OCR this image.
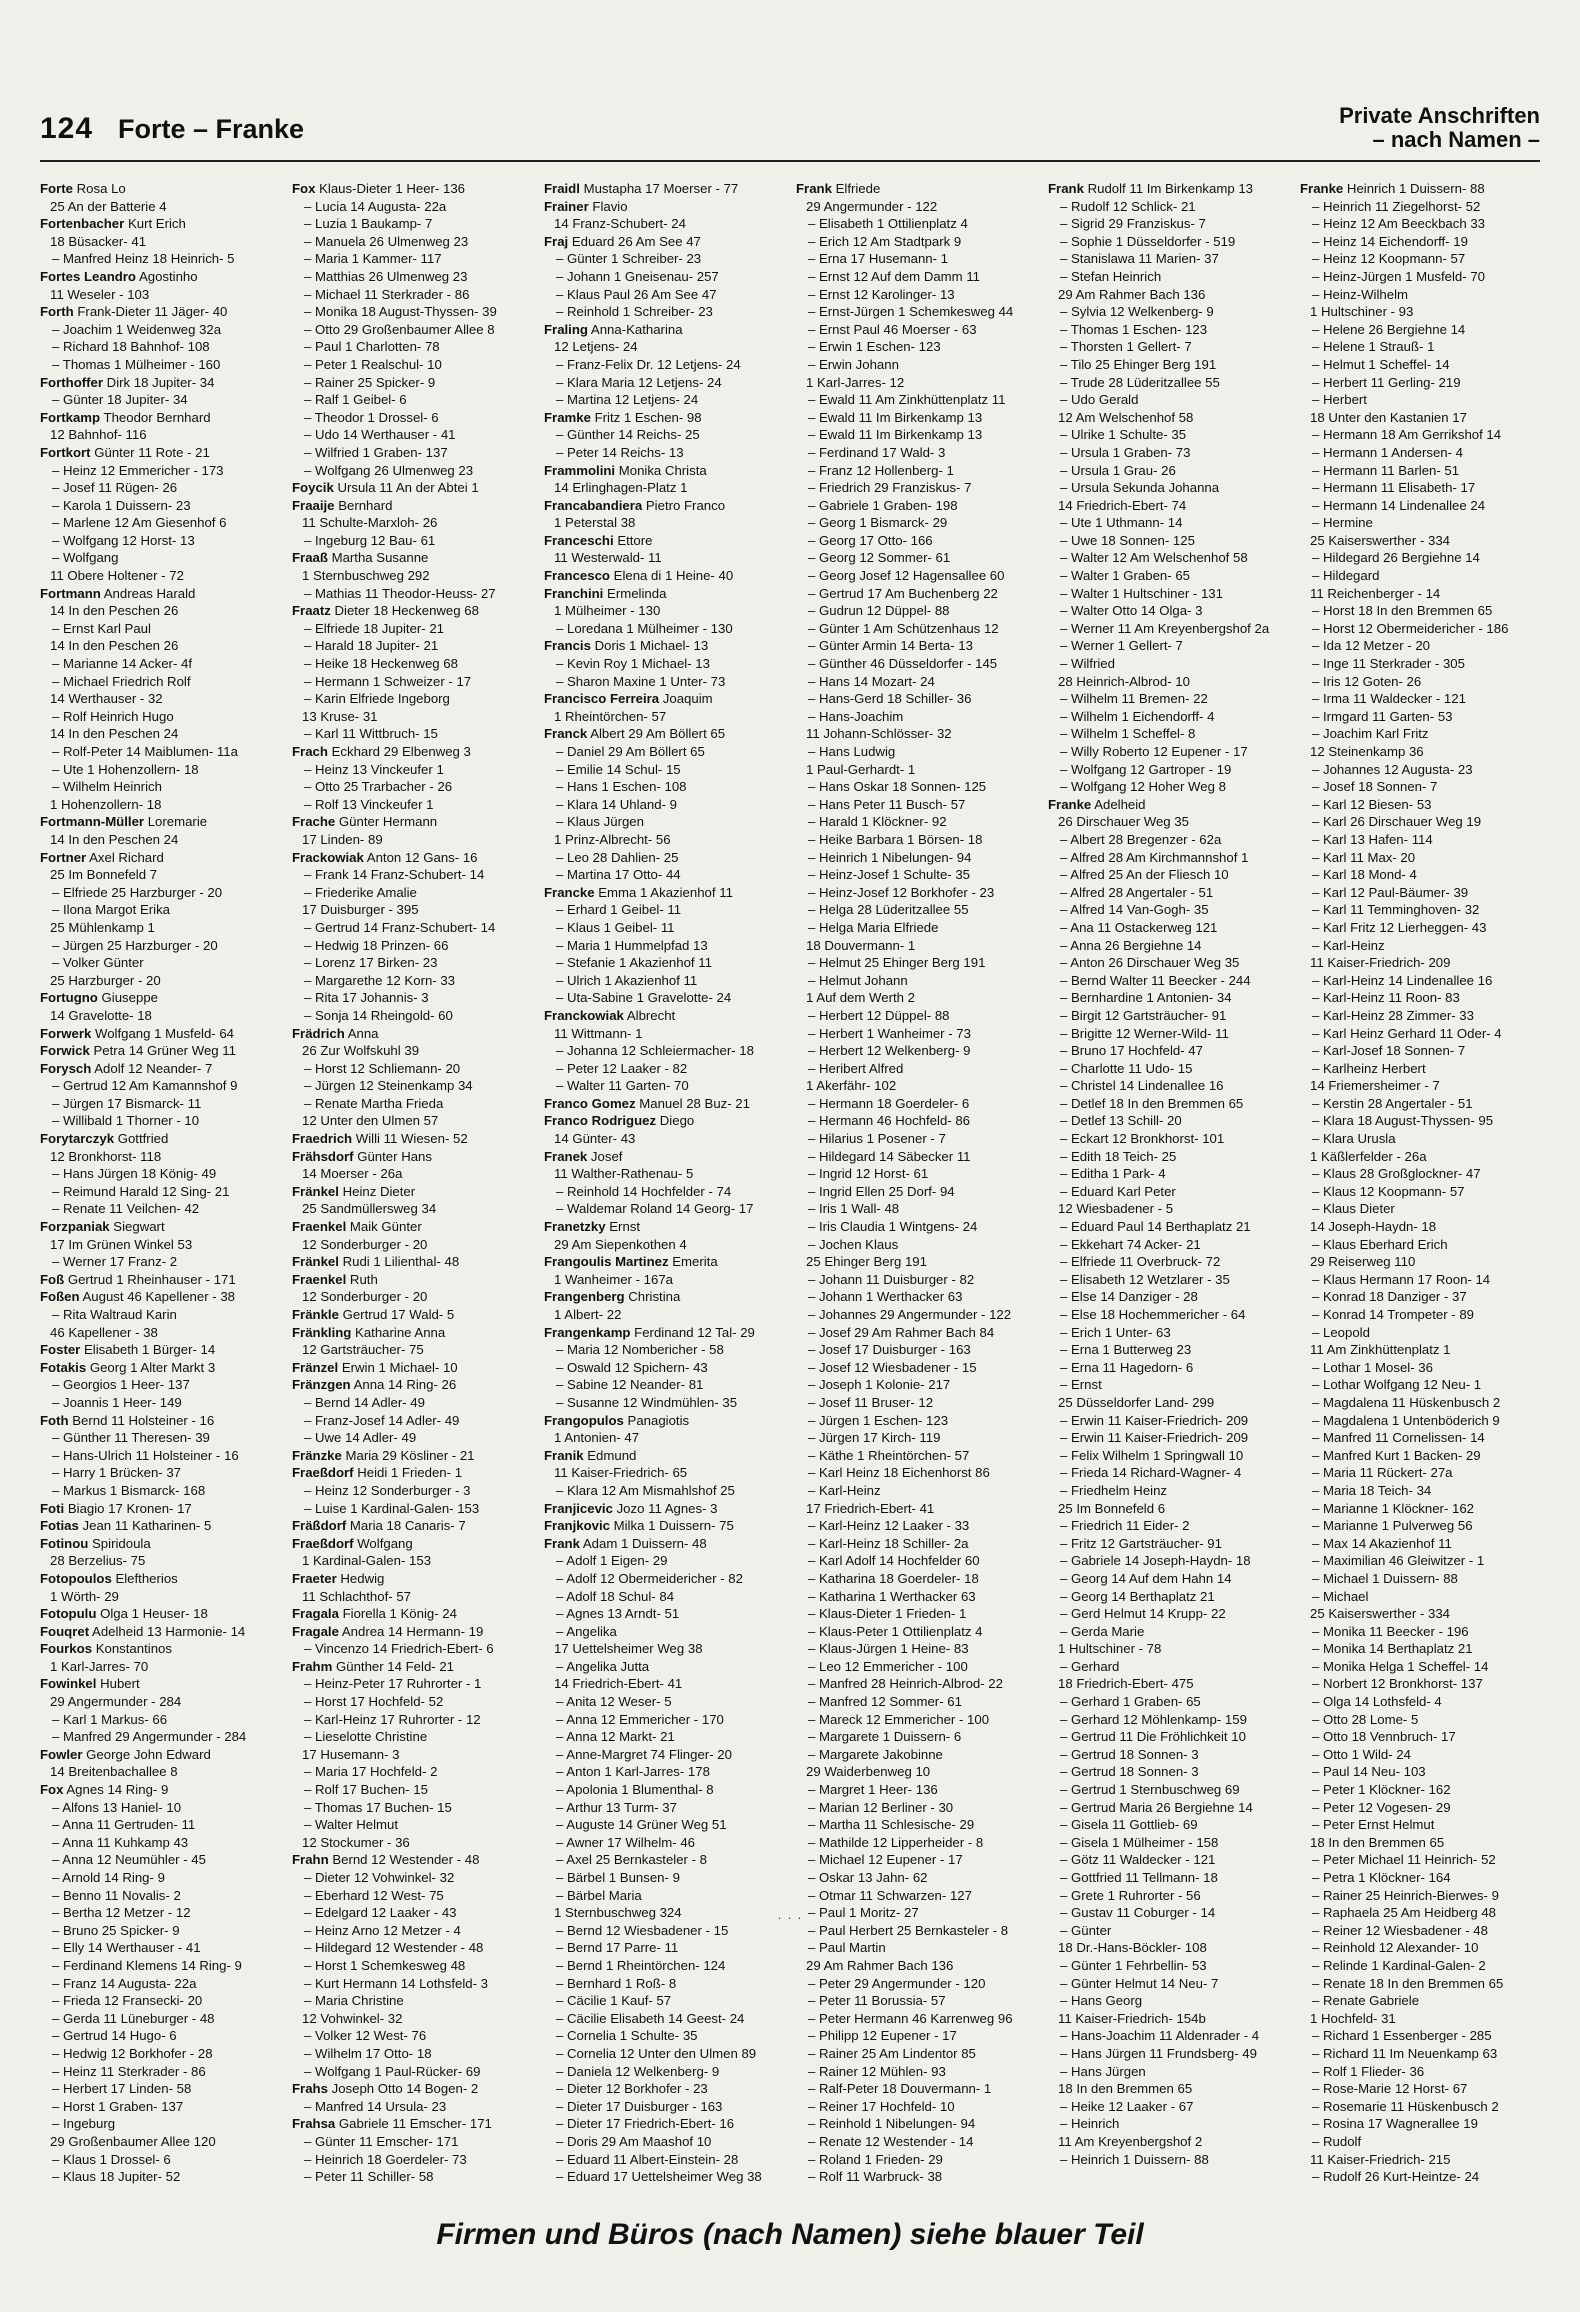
124 Forte – Franke	Private Anschriften
– nach Namen –
Forte Rosa Lo
25 An der Batterie 4
Fortenbacher Kurt Erich
18 Büsacker- 41
– Manfred Heinz 18 Heinrich- 5
Fortes Leandro Agostinho
11 Weseler - 103
Forth Frank-Dieter 11 Jäger- 40
– Joachim 1 Weidenweg 32a
– Richard 18 Bahnhof- 108
– Thomas 1 Mülheimer - 160
Forthoffer Dirk 18 Jupiter- 34
– Günter 18 Jupiter- 34
Fortkamp Theodor Bernhard
12 Bahnhof- 116
Fortkort Günter 11 Rote - 21
– Heinz 12 Emmericher - 173
– Josef 11 Rügen- 26
– Karola 1 Duissern- 23
– Marlene 12 Am Giesenhof 6
– Wolfgang 12 Horst- 13
– Wolfgang
11 Obere Holtener - 72
Fortmann Andreas Harald
14 In den Peschen 26
– Ernst Karl Paul
14 In den Peschen 26
– Marianne 14 Acker- 4f
– Michael Friedrich Rolf
14 Werthauser - 32
– Rolf Heinrich Hugo
14 In den Peschen 24
– Rolf-Peter 14 Maiblumen- 11a
– Ute 1 Hohenzollern- 18
– Wilhelm Heinrich
1 Hohenzollern- 18
Fortmann-Müller Loremarie
14 In den Peschen 24
Fortner Axel Richard
25 Im Bonnefeld 7
– Elfriede 25 Harzburger - 20
– Ilona Margot Erika
25 Mühlenkamp 1
– Jürgen 25 Harzburger - 20
– Volker Günter
25 Harzburger - 20
Fortugno Giuseppe
14 Gravelotte- 18
Forwerk Wolfgang 1 Musfeld- 64
Forwick Petra 14 Grüner Weg 11
Forysch Adolf 12 Neander- 7
– Gertrud 12 Am Kamannshof 9
– Jürgen 17 Bismarck- 11
– Willibald 1 Thorner - 10
Forytarczyk Gottfried
12 Bronkhorst- 118
– Hans Jürgen 18 König- 49
– Reimund Harald 12 Sing- 21
– Renate 11 Veilchen- 42
Forzpaniak Siegwart
17 Im Grünen Winkel 53
– Werner 17 Franz- 2
Foß Gertrud 1 Rheinhauser - 171
Foßen August 46 Kapellener - 38
– Rita Waltraud Karin
46 Kapellener - 38
Foster Elisabeth 1 Bürger- 14
Fotakis Georg 1 Alter Markt 3
– Georgios 1 Heer- 137
– Joannis 1 Heer- 149
Foth Bernd 11 Holsteiner - 16
– Günther 11 Theresen- 39
– Hans-Ulrich 11 Holsteiner - 16
– Harry 1 Brücken- 37
– Markus 1 Bismarck- 168
Foti Biagio 17 Kronen- 17
Fotias Jean 11 Katharinen- 5
Fotinou Spiridoula
28 Berzelius- 75
Fotopoulos Eleftherios
1 Wörth- 29
Fotopulu Olga 1 Heuser- 18
Fouqret Adelheid 13 Harmonie- 14
Fourkos Konstantinos
1 Karl-Jarres- 70
Fowinkel Hubert
29 Angermunder - 284
– Karl 1 Markus- 66
– Manfred 29 Angermunder - 284
Fowler George John Edward
14 Breitenbachallee 8
Fox Agnes 14 Ring- 9
– Alfons 13 Haniel- 10
– Anna 11 Gertruden- 11
– Anna 11 Kuhkamp 43
– Anna 12 Neumühler - 45
– Arnold 14 Ring- 9
– Benno 11 Novalis- 2
– Bertha 12 Metzer - 12
– Bruno 25 Spicker- 9
– Elly 14 Werthauser - 41
– Ferdinand Klemens 14 Ring- 9
– Franz 14 Augusta- 22a
– Frieda 12 Fransecki- 20
– Gerda 11 Lüneburger - 48
– Gertrud 14 Hugo- 6
– Hedwig 12 Borkhofer - 28
– Heinz 11 Sterkrader - 86
– Herbert 17 Linden- 58
– Horst 1 Graben- 137
– Ingeburg
29 Großenbaumer Allee 120
– Klaus 1 Drossel- 6
– Klaus 18 Jupiter- 52
Fox Klaus-Dieter 1 Heer- 136
– Lucia 14 Augusta- 22a
– Luzia 1 Baukamp- 7
– Manuela 26 Ulmenweg 23
– Maria 1 Kammer- 117
– Matthias 26 Ulmenweg 23
– Michael 11 Sterkrader - 86
– Monika 18 August-Thyssen- 39
– Otto 29 Großenbaumer Allee 8
– Paul 1 Charlotten- 78
– Peter 1 Realschul- 10
– Rainer 25 Spicker- 9
– Ralf 1 Geibel- 6
– Theodor 1 Drossel- 6
– Udo 14 Werthauser - 41
– Wilfried 1 Graben- 137
– Wolfgang 26 Ulmenweg 23
Foycik Ursula 11 An der Abtei 1
Fraaije Bernhard
11 Schulte-Marxloh- 26
– Ingeburg 12 Bau- 61
Fraaß Martha Susanne
1 Sternbuschweg 292
– Mathias 11 Theodor-Heuss- 27
Fraatz Dieter 18 Heckenweg 68
– Elfriede 18 Jupiter- 21
– Harald 18 Jupiter- 21
– Heike 18 Heckenweg 68
– Hermann 1 Schweizer - 17
– Karin Elfriede Ingeborg
13 Kruse- 31
– Karl 11 Wittbruch- 15
Frach Eckhard 29 Elbenweg 3
– Heinz 13 Vinckeufer 1
– Otto 25 Trarbacher - 26
– Rolf 13 Vinckeufer 1
Frache Günter Hermann
17 Linden- 89
Frackowiak Anton 12 Gans- 16
– Frank 14 Franz-Schubert- 14
– Friederike Amalie
17 Duisburger - 395
– Gertrud 14 Franz-Schubert- 14
– Hedwig 18 Prinzen- 66
– Lorenz 17 Birken- 23
– Margarethe 12 Korn- 33
– Rita 17 Johannis- 3
– Sonja 14 Rheingold- 60
Frädrich Anna
26 Zur Wolfskuhl 39
– Horst 12 Schliemann- 20
– Jürgen 12 Steinenkamp 34
– Renate Martha Frieda
12 Unter den Ulmen 57
Fraedrich Willi 11 Wiesen- 52
Frähsdorf Günter Hans
14 Moerser - 26a
Fränkel Heinz Dieter
25 Sandmüllersweg 34
Fraenkel Maik Günter
12 Sonderburger - 20
Fränkel Rudi 1 Lilienthal- 48
Fraenkel Ruth
12 Sonderburger - 20
Fränkle Gertrud 17 Wald- 5
Fränkling Katharine Anna
12 Gartsträucher- 75
Fränzel Erwin 1 Michael- 10
Fränzgen Anna 14 Ring- 26
– Bernd 14 Adler- 49
– Franz-Josef 14 Adler- 49
– Uwe 14 Adler- 49
Fränzke Maria 29 Kösliner - 21
Fraeßdorf Heidi 1 Frieden- 1
– Heinz 12 Sonderburger - 3
– Luise 1 Kardinal-Galen- 153
Fräßdorf Maria 18 Canaris- 7
Fraeßdorf Wolfgang
1 Kardinal-Galen- 153
Fraeter Hedwig
11 Schlachthof- 57
Fragala Fiorella 1 König- 24
Fragale Andrea 14 Hermann- 19
– Vincenzo 14 Friedrich-Ebert- 6
Frahm Günther 14 Feld- 21
– Heinz-Peter 17 Ruhrorter - 1
– Horst 17 Hochfeld- 52
– Karl-Heinz 17 Ruhrorter - 12
– Lieselotte Christine
17 Husemann- 3
– Maria 17 Hochfeld- 2
– Rolf 17 Buchen- 15
– Thomas 17 Buchen- 15
– Walter Helmut
12 Stockumer - 36
Frahn Bernd 12 Westender - 48
– Dieter 12 Vohwinkel- 32
– Eberhard 12 West- 75
– Edelgard 12 Laaker - 43
– Heinz Arno 12 Metzer - 4
– Hildegard 12 Westender - 48
– Horst 1 Schemkesweg 48
– Kurt Hermann 14 Lothsfeld- 3
– Maria Christine
12 Vohwinkel- 32
– Volker 12 West- 76
– Wilhelm 17 Otto- 18
– Wolfgang 1 Paul-Rücker- 69
Frahs Joseph Otto 14 Bogen- 2
– Manfred 14 Ursula- 23
Frahsa Gabriele 11 Emscher- 171
– Günter 11 Emscher- 171
– Heinrich 18 Goerdeler- 73
– Peter 11 Schiller- 58
Fraidl Mustapha 17 Moerser - 77
Frainer Flavio
14 Franz-Schubert- 24
Fraj Eduard 26 Am See 47
– Günter 1 Schreiber- 23
– Johann 1 Gneisenau- 257
– Klaus Paul 26 Am See 47
– Reinhold 1 Schreiber- 23
Fraling Anna-Katharina
12 Letjens- 24
– Franz-Felix Dr. 12 Letjens- 24
– Klara Maria 12 Letjens- 24
– Martina 12 Letjens- 24
Framke Fritz 1 Eschen- 98
– Günther 14 Reichs- 25
– Peter 14 Reichs- 13
Frammolini Monika Christa
14 Erlinghagen-Platz 1
Francabandiera Pietro Franco
1 Peterstal 38
Franceschi Ettore
11 Westerwald- 11
Francesco Elena di 1 Heine- 40
Franchini Ermelinda
1 Mülheimer - 130
– Loredana 1 Mülheimer - 130
Francis Doris 1 Michael- 13
– Kevin Roy 1 Michael- 13
– Sharon Maxine 1 Unter- 73
Francisco Ferreira Joaquim
1 Rheintörchen- 57
Franck Albert 29 Am Böllert 65
– Daniel 29 Am Böllert 65
– Emilie 14 Schul- 15
– Hans 1 Eschen- 108
– Klara 14 Uhland- 9
– Klaus Jürgen
1 Prinz-Albrecht- 56
– Leo 28 Dahlien- 25
– Martina 17 Otto- 44
Francke Emma 1 Akazienhof 11
– Erhard 1 Geibel- 11
– Klaus 1 Geibel- 11
– Maria 1 Hummelpfad 13
– Stefanie 1 Akazienhof 11
– Ulrich 1 Akazienhof 11
– Uta-Sabine 1 Gravelotte- 24
Franckowiak Albrecht
11 Wittmann- 1
– Johanna 12 Schleiermacher- 18
– Peter 12 Laaker - 82
– Walter 11 Garten- 70
Franco Gomez Manuel 28 Buz- 21
Franco Rodriguez Diego
14 Günter- 43
Franek Josef
11 Walther-Rathenau- 5
– Reinhold 14 Hochfelder - 74
– Waldemar Roland 14 Georg- 17
Franetzky Ernst
29 Am Siepenkothen 4
Frangoulis Martinez Emerita
1 Wanheimer - 167a
Frangenberg Christina
1 Albert- 22
Frangenkamp Ferdinand 12 Tal- 29
– Maria 12 Nombericher - 58
– Oswald 12 Spichern- 43
– Sabine 12 Neander- 81
– Susanne 12 Windmühlen- 35
Frangopulos Panagiotis
1 Antonien- 47
Franik Edmund
11 Kaiser-Friedrich- 65
– Klara 12 Am Mismahlshof 25
Franjicevic Jozo 11 Agnes- 3
Franjkovic Milka 1 Duissern- 75
Frank Adam 1 Duissern- 48
– Adolf 1 Eigen- 29
– Adolf 12 Obermeidericher - 82
– Adolf 18 Schul- 84
– Agnes 13 Arndt- 51
– Angelika
17 Uettelsheimer Weg 38
– Angelika Jutta
14 Friedrich-Ebert- 41
– Anita 12 Weser- 5
– Anna 12 Emmericher - 170
– Anna 12 Markt- 21
– Anne-Margret 74 Flinger- 20
– Anton 1 Karl-Jarres- 178
– Apolonia 1 Blumenthal- 8
– Arthur 13 Turm- 37
– Auguste 14 Grüner Weg 51
– Awner 17 Wilhelm- 46
– Axel 25 Bernkasteler - 8
– Bärbel 1 Bunsen- 9
– Bärbel Maria
1 Sternbuschweg 324
– Bernd 12 Wiesbadener - 15
– Bernd 17 Parre- 11
– Bernd 1 Rheintörchen- 124
– Bernhard 1 Roß- 8
– Cäcilie 1 Kauf- 57
– Cäcilie Elisabeth 14 Geest- 24
– Cornelia 1 Schulte- 35
– Cornelia 12 Unter den Ulmen 89
– Daniela 12 Welkenberg- 9
– Dieter 12 Borkhofer - 23
– Dieter 17 Duisburger - 163
– Dieter 17 Friedrich-Ebert- 16
– Doris 29 Am Maashof 10
– Eduard 11 Albert-Einstein- 28
– Eduard 17 Uettelsheimer Weg 38
Frank Elfriede
29 Angermunder - 122
– Elisabeth 1 Ottilienplatz 4
– Erich 12 Am Stadtpark 9
– Erna 17 Husemann- 1
– Ernst 12 Auf dem Damm 11
– Ernst 12 Karolinger- 13
– Ernst-Jürgen 1 Schemkesweg 44
– Ernst Paul 46 Moerser - 63
– Erwin 1 Eschen- 123
– Erwin Johann
1 Karl-Jarres- 12
– Ewald 11 Am Zinkhüttenplatz 11
– Ewald 11 Im Birkenkamp 13
– Ewald 11 Im Birkenkamp 13
– Ferdinand 17 Wald- 3
– Franz 12 Hollenberg- 1
– Friedrich 29 Franziskus- 7
– Gabriele 1 Graben- 198
– Georg 1 Bismarck- 29
– Georg 17 Otto- 166
– Georg 12 Sommer- 61
– Georg Josef 12 Hagensallee 60
– Gertrud 17 Am Buchenberg 22
– Gudrun 12 Düppel- 88
– Günter 1 Am Schützenhaus 12
– Günter Armin 14 Berta- 13
– Günther 46 Düsseldorfer - 145
– Hans 14 Mozart- 24
– Hans-Gerd 18 Schiller- 36
– Hans-Joachim
11 Johann-Schlösser- 32
– Hans Ludwig
1 Paul-Gerhardt- 1
– Hans Oskar 18 Sonnen- 125
– Hans Peter 11 Busch- 57
– Harald 1 Klöckner- 92
– Heike Barbara 1 Börsen- 18
– Heinrich 1 Nibelungen- 94
– Heinz-Josef 1 Schulte- 35
– Heinz-Josef 12 Borkhofer - 23
– Helga 28 Lüderitzallee 55
– Helga Maria Elfriede
18 Douvermann- 1
– Helmut 25 Ehinger Berg 191
– Helmut Johann
1 Auf dem Werth 2
– Herbert 12 Düppel- 88
– Herbert 1 Wanheimer - 73
– Herbert 12 Welkenberg- 9
– Heribert Alfred
1 Akerfähr- 102
– Hermann 18 Goerdeler- 6
– Hermann 46 Hochfeld- 86
– Hilarius 1 Posener - 7
– Hildegard 14 Säbecker 11
– Ingrid 12 Horst- 61
– Ingrid Ellen 25 Dorf- 94
– Iris 1 Wall- 48
– Iris Claudia 1 Wintgens- 24
– Jochen Klaus
25 Ehinger Berg 191
– Johann 11 Duisburger - 82
– Johann 1 Werthacker 63
– Johannes 29 Angermunder - 122
– Josef 29 Am Rahmer Bach 84
– Josef 17 Duisburger - 163
– Josef 12 Wiesbadener - 15
– Joseph 1 Kolonie- 217
– Josef 11 Bruser- 12
– Jürgen 1 Eschen- 123
– Jürgen 17 Kirch- 119
– Käthe 1 Rheintörchen- 57
– Karl Heinz 18 Eichenhorst 86
– Karl-Heinz
17 Friedrich-Ebert- 41
– Karl-Heinz 12 Laaker - 33
– Karl-Heinz 18 Schiller- 2a
– Karl Adolf 14 Hochfelder 60
– Katharina 18 Goerdeler- 18
– Katharina 1 Werthacker 63
– Klaus-Dieter 1 Frieden- 1
– Klaus-Peter 1 Ottilienplatz 4
– Klaus-Jürgen 1 Heine- 83
– Leo 12 Emmericher - 100
– Manfred 28 Heinrich-Albrod- 22
– Manfred 12 Sommer- 61
– Mareck 12 Emmericher - 100
– Margarete 1 Duissern- 6
– Margarete Jakobinne
29 Waiderbenweg 10
– Margret 1 Heer- 136
– Marian 12 Berliner - 30
– Martha 11 Schlesische- 29
– Mathilde 12 Lipperheider - 8
– Michael 12 Eupener - 17
– Oskar 13 Jahn- 62
– Otmar 11 Schwarzen- 127
– Paul 1 Moritz- 27
– Paul Herbert 25 Bernkasteler - 8
– Paul Martin
29 Am Rahmer Bach 136
– Peter 29 Angermunder - 120
– Peter 11 Borussia- 57
– Peter Hermann 46 Karrenweg 96
– Philipp 12 Eupener - 17
– Rainer 25 Am Lindentor 85
– Rainer 12 Mühlen- 93
– Ralf-Peter 18 Douvermann- 1
– Reiner 17 Hochfeld- 10
– Reinhold 1 Nibelungen- 94
– Renate 12 Westender - 14
– Roland 1 Frieden- 29
– Rolf 11 Warbruck- 38
Frank Rudolf 11 Im Birkenkamp 13
– Rudolf 12 Schlick- 21
– Sigrid 29 Franziskus- 7
– Sophie 1 Düsseldorfer - 519
– Stanislawa 11 Marien- 37
– Stefan Heinrich
29 Am Rahmer Bach 136
– Sylvia 12 Welkenberg- 9
– Thomas 1 Eschen- 123
– Thorsten 1 Gellert- 7
– Tilo 25 Ehinger Berg 191
– Trude 28 Lüderitzallee 55
– Udo Gerald
12 Am Welschenhof 58
– Ulrike 1 Schulte- 35
– Ursula 1 Graben- 73
– Ursula 1 Grau- 26
– Ursula Sekunda Johanna
14 Friedrich-Ebert- 74
– Ute 1 Uthmann- 14
– Uwe 18 Sonnen- 125
– Walter 12 Am Welschenhof 58
– Walter 1 Graben- 65
– Walter 1 Hultschiner - 131
– Walter Otto 14 Olga- 3
– Werner 11 Am Kreyenbergshof 2a
– Werner 1 Gellert- 7
– Wilfried
28 Heinrich-Albrod- 10
– Wilhelm 11 Bremen- 22
– Wilhelm 1 Eichendorff- 4
– Wilhelm 1 Scheffel- 8
– Willy Roberto 12 Eupener - 17
– Wolfgang 12 Gartroper - 19
– Wolfgang 12 Hoher Weg 8
Franke Adelheid
26 Dirschauer Weg 35
– Albert 28 Bregenzer - 62a
– Alfred 28 Am Kirchmannshof 1
– Alfred 25 An der Fliesch 10
– Alfred 28 Angertaler - 51
– Alfred 14 Van-Gogh- 35
– Ana 11 Ostackerweg 121
– Anna 26 Bergiehne 14
– Anton 26 Dirschauer Weg 35
– Bernd Walter 11 Beecker - 244
– Bernhardine 1 Antonien- 34
– Birgit 12 Gartsträucher- 91
– Brigitte 12 Werner-Wild- 11
– Bruno 17 Hochfeld- 47
– Charlotte 11 Udo- 15
– Christel 14 Lindenallee 16
– Detlef 18 In den Bremmen 65
– Detlef 13 Schill- 20
– Eckart 12 Bronkhorst- 101
– Edith 18 Teich- 25
– Editha 1 Park- 4
– Eduard Karl Peter
12 Wiesbadener - 5
– Eduard Paul 14 Berthaplatz 21
– Ekkehart 74 Acker- 21
– Elfriede 11 Overbruck- 72
– Elisabeth 12 Wetzlarer - 35
– Else 14 Danziger - 28
– Else 18 Hochemmericher - 64
– Erich 1 Unter- 63
– Erna 1 Butterweg 23
– Erna 11 Hagedorn- 6
– Ernst
25 Düsseldorfer Land- 299
– Erwin 11 Kaiser-Friedrich- 209
– Erwin 11 Kaiser-Friedrich- 209
– Felix Wilhelm 1 Springwall 10
– Frieda 14 Richard-Wagner- 4
– Friedhelm Heinz
25 Im Bonnefeld 6
– Friedrich 11 Eider- 2
– Fritz 12 Gartsträucher- 91
– Gabriele 14 Joseph-Haydn- 18
– Georg 14 Auf dem Hahn 14
– Georg 14 Berthaplatz 21
– Gerd Helmut 14 Krupp- 22
– Gerda Marie
1 Hultschiner - 78
– Gerhard
18 Friedrich-Ebert- 475
– Gerhard 1 Graben- 65
– Gerhard 12 Möhlenkamp- 159
– Gertrud 11 Die Fröhlichkeit 10
– Gertrud 18 Sonnen- 3
– Gertrud 18 Sonnen- 3
– Gertrud 1 Sternbuschweg 69
– Gertrud Maria 26 Bergiehne 14
– Gisela 11 Gottlieb- 69
– Gisela 1 Mülheimer - 158
– Götz 11 Waldecker - 121
– Gottfried 11 Tellmann- 18
– Grete 1 Ruhrorter - 56
– Gustav 11 Coburger - 14
– Günter
18 Dr.-Hans-Böckler- 108
– Günter 1 Fehrbellin- 53
– Günter Helmut 14 Neu- 7
– Hans Georg
11 Kaiser-Friedrich- 154b
– Hans-Joachim 11 Aldenrader - 4
– Hans Jürgen 11 Frundsberg- 49
– Hans Jürgen
18 In den Bremmen 65
– Heike 12 Laaker - 67
– Heinrich
11 Am Kreyenbergshof 2
– Heinrich 1 Duissern- 88
Franke Heinrich 1 Duissern- 88
– Heinrich 11 Ziegelhorst- 52
– Heinz 12 Am Beeckbach 33
– Heinz 14 Eichendorff- 19
– Heinz 12 Koopmann- 57
– Heinz-Jürgen 1 Musfeld- 70
– Heinz-Wilhelm
1 Hultschiner - 93
– Helene 26 Bergiehne 14
– Helene 1 Strauß- 1
– Helmut 1 Scheffel- 14
– Herbert 11 Gerling- 219
– Herbert
18 Unter den Kastanien 17
– Hermann 18 Am Gerrikshof 14
– Hermann 1 Andersen- 4
– Hermann 11 Barlen- 51
– Hermann 11 Elisabeth- 17
– Hermann 14 Lindenallee 24
– Hermine
25 Kaiserswerther - 334
– Hildegard 26 Bergiehne 14
– Hildegard
11 Reichenberger - 14
– Horst 18 In den Bremmen 65
– Horst 12 Obermeidericher - 186
– Ida 12 Metzer - 20
– Inge 11 Sterkrader - 305
– Iris 12 Goten- 26
– Irma 11 Waldecker - 121
– Irmgard 11 Garten- 53
– Joachim Karl Fritz
12 Steinenkamp 36
– Johannes 12 Augusta- 23
– Josef 18 Sonnen- 7
– Karl 12 Biesen- 53
– Karl 26 Dirschauer Weg 19
– Karl 13 Hafen- 114
– Karl 11 Max- 20
– Karl 18 Mond- 4
– Karl 12 Paul-Bäumer- 39
– Karl 11 Temminghoven- 32
– Karl Fritz 12 Lierheggen- 43
– Karl-Heinz
11 Kaiser-Friedrich- 209
– Karl-Heinz 14 Lindenallee 16
– Karl-Heinz 11 Roon- 83
– Karl-Heinz 28 Zimmer- 33
– Karl Heinz Gerhard 11 Oder- 4
– Karl-Josef 18 Sonnen- 7
– Karlheinz Herbert
14 Friemersheimer - 7
– Kerstin 28 Angertaler - 51
– Klara 18 August-Thyssen- 95
– Klara Urusla
1 Käßlerfelder - 26a
– Klaus 28 Großglockner- 47
– Klaus 12 Koopmann- 57
– Klaus Dieter
14 Joseph-Haydn- 18
– Klaus Eberhard Erich
29 Reiserweg 110
– Klaus Hermann 17 Roon- 14
– Konrad 18 Danziger - 37
– Konrad 14 Trompeter - 89
– Leopold
11 Am Zinkhüttenplatz 1
– Lothar 1 Mosel- 36
– Lothar Wolfgang 12 Neu- 1
– Magdalena 11 Hüskenbusch 2
– Magdalena 1 Untenböderich 9
– Manfred 11 Cornelissen- 14
– Manfred Kurt 1 Backen- 29
– Maria 11 Rückert- 27a
– Maria 18 Teich- 34
– Marianne 1 Klöckner- 162
– Marianne 1 Pulverweg 56
– Max 14 Akazienhof 11
– Maximilian 46 Gleiwitzer - 1
– Michael 1 Duissern- 88
– Michael
25 Kaiserswerther - 334
– Monika 11 Beecker - 196
– Monika 14 Berthaplatz 21
– Monika Helga 1 Scheffel- 14
– Norbert 12 Bronkhorst- 137
– Olga 14 Lothsfeld- 4
– Otto 28 Lome- 5
– Otto 18 Vennbruch- 17
– Otto 1 Wild- 24
– Paul 14 Neu- 103
– Peter 1 Klöckner- 162
– Peter 12 Vogesen- 29
– Peter Ernst Helmut
18 In den Bremmen 65
– Peter Michael 11 Heinrich- 52
– Petra 1 Klöckner- 164
– Rainer 25 Heinrich-Bierwes- 9
– Raphaela 25 Am Heidberg 48
– Reiner 12 Wiesbadener - 48
– Reinhold 12 Alexander- 10
– Relinde 1 Kardinal-Galen- 2
– Renate 18 In den Bremmen 65
– Renate Gabriele
1 Hochfeld- 31
– Richard 1 Essenberger - 285
– Richard 11 Im Neuenkamp 63
– Rolf 1 Flieder- 36
– Rose-Marie 12 Horst- 67
– Rosemarie 11 Hüskenbusch 2
– Rosina 17 Wagnerallee 19
– Rudolf
11 Kaiser-Friedrich- 215
– Rudolf 26 Kurt-Heintze- 24
· · ·
Firmen und Büros (nach Namen) siehe blauer Teil
